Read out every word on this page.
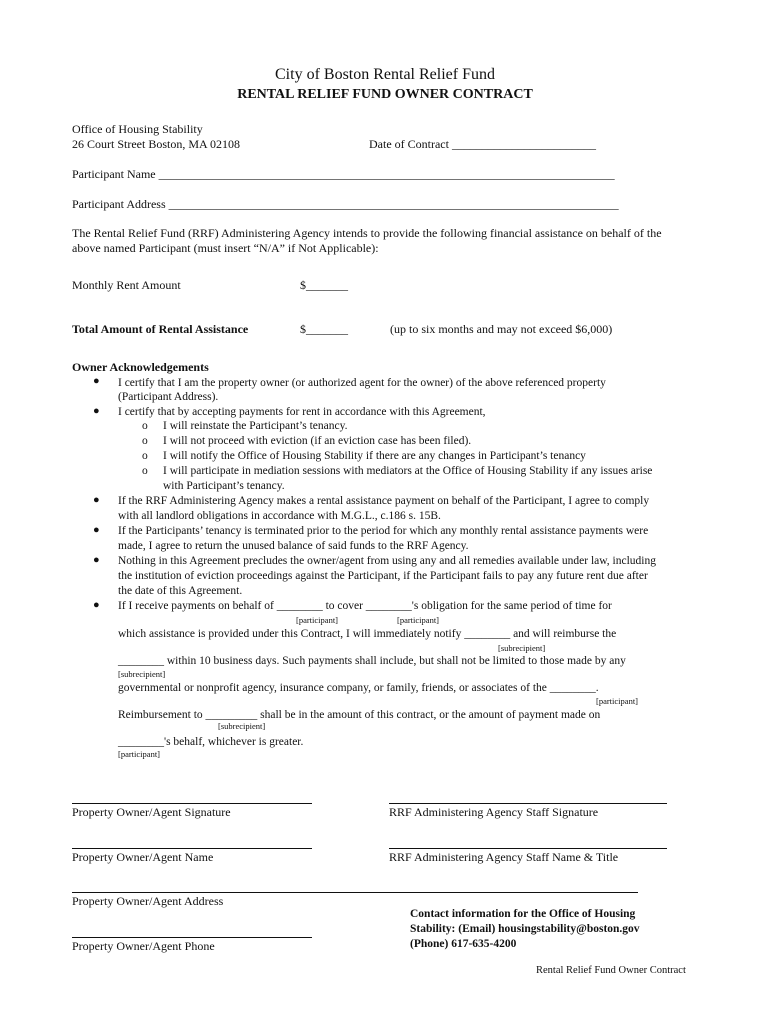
City of Boston Rental Relief Fund
RENTAL RELIEF FUND OWNER CONTRACT
Office of Housing Stability
26 Court Street Boston, MA 02108	Date of Contract ________________________
Participant Name ____________________________________________________________________________
Participant Address ___________________________________________________________________________
The Rental Relief Fund (RRF) Administering Agency intends to provide the following financial assistance on behalf of the
above named Participant (must insert “N/A” if Not Applicable):
Monthly Rent Amount	$_______
Total Amount of Rental Assistance	$_______	(up to six months and may not exceed $6,000)
Owner Acknowledgements
● I certify that I am the property owner (or authorized agent for the owner) of the above referenced property
(Participant Address).
● I certify that by accepting payments for rent in accordance with this Agreement,
o I will reinstate the Participant’s tenancy.
o I will not proceed with eviction (if an eviction case has been filed).
o I will notify the Office of Housing Stability if there are any changes in Participant’s tenancy
o I will participate in mediation sessions with mediators at the Office of Housing Stability if any issues arise
with Participant’s tenancy.
● If the RRF Administering Agency makes a rental assistance payment on behalf of the Participant, I agree to comply
with all landlord obligations in accordance with M.G.L., c.186 s. 15B.
● If the Participants’ tenancy is terminated prior to the period for which any monthly rental assistance payments were
made, I agree to return the unused balance of said funds to the RRF Agency.
● Nothing in this Agreement precludes the owner/agent from using any and all remedies available under law, including
the institution of eviction proceedings against the Participant, if the Participant fails to pay any future rent due after
the date of this Agreement.
● If I receive payments on behalf of ________ to cover ________'s obligation for the same period of time for
[participant]	[participant]
which assistance is provided under this Contract, I will immediately notify ________ and will reimburse the
[subrecipient]
________ within 10 business days. Such payments shall include, but shall not be limited to those made by any
[subrecipient]
governmental or nonprofit agency, insurance company, or family, friends, or associates of the ________.
[participant]
Reimbursement to _________ shall be in the amount of this contract, or the amount of payment made on
[subrecipient]
________'s behalf, whichever is greater.
[participant]
Property Owner/Agent Signature	RRF Administering Agency Staff Signature
Property Owner/Agent Name	RRF Administering Agency Staff Name & Title
Property Owner/Agent Address
Property Owner/Agent Phone
Contact information for the Office of Housing
Stability: (Email) housingstability@boston.gov
(Phone) 617-635-4200
Rental Relief Fund Owner Contract
